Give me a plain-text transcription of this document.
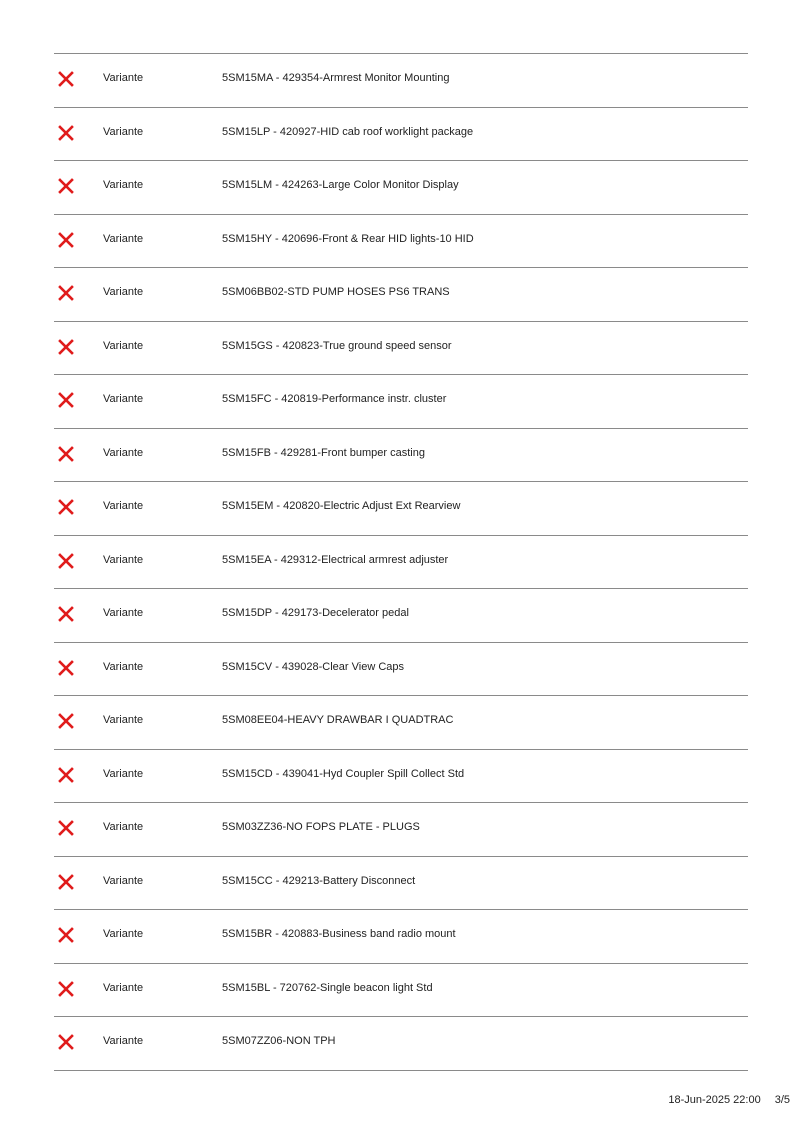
Variante	5SM15MA - 429354-Armrest Monitor Mounting
Variante	5SM15LP - 420927-HID cab roof worklight package
Variante	5SM15LM - 424263-Large Color Monitor Display
Variante	5SM15HY - 420696-Front & Rear HID lights-10 HID
Variante	5SM06BB02-STD PUMP HOSES PS6 TRANS
Variante	5SM15GS - 420823-True ground speed sensor
Variante	5SM15FC - 420819-Performance instr. cluster
Variante	5SM15FB - 429281-Front bumper casting
Variante	5SM15EM - 420820-Electric Adjust Ext Rearview
Variante	5SM15EA - 429312-Electrical armrest adjuster
Variante	5SM15DP - 429173-Decelerator pedal
Variante	5SM15CV - 439028-Clear View Caps
Variante	5SM08EE04-HEAVY DRAWBAR I QUADTRAC
Variante	5SM15CD - 439041-Hyd Coupler Spill Collect Std
Variante	5SM03ZZ36-NO FOPS PLATE - PLUGS
Variante	5SM15CC - 429213-Battery Disconnect
Variante	5SM15BR - 420883-Business band radio mount
Variante	5SM15BL - 720762-Single beacon light Std
Variante	5SM07ZZ06-NON TPH
18-Jun-2025 22:00 3/5
